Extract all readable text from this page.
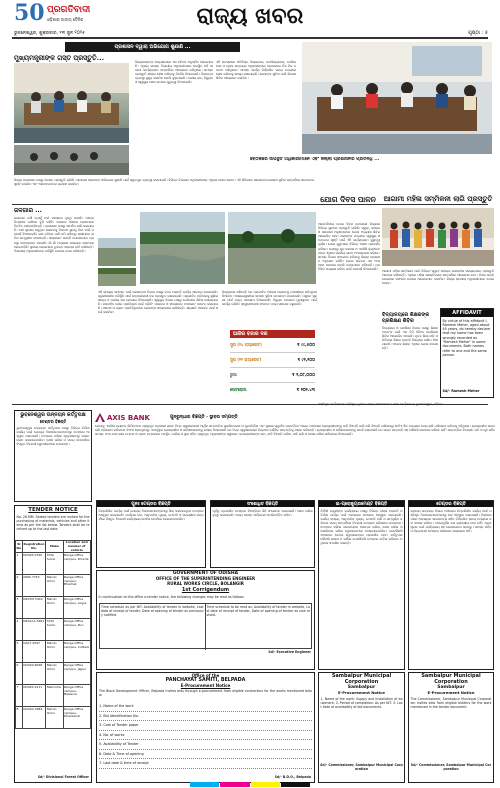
50 ପ୍ରଗତିବାଦୀ
ଓଡ଼ିଶାର ଜାତୀୟ ଦୈନିକ	ରାଜ୍ୟ ଖବର
ଭୁବନେଶ୍ୱର, ଶୁକ୍ରବାର, ୧୩ ଜୁନ ୨୦୨୫	ପୃଷ୍ଠା : ୫
ପ୍ରଶାସନ ଦ୍ୱାରା ଅଭିଯୋଗ ଶୁଣାଣି ...
ମୁଖ୍ୟମନ୍ତ୍ରୀଙ୍କ ଗସ୍ତ ପ୍ରସ୍ତୁତି...
ବୈଠକରେ ଉପସ୍ଥିତ ଅଧିକାରୀମାନେ ଏବଂ ଜିଲ୍ଲା ପ୍ରଶାସନର ପ୍ରତିନିଧି ...
ଜିଲ୍ଲାପାଳଙ୍କ ଅଧ୍ୟକ୍ଷତାରେ ଏକ ବୈଠକ ଅନୁଷ୍ଠିତ ହୋଇଯାଇଛି। ଏଥିରେ ସମସ୍ତ ବିଭାଗୀୟ ଅଧିକାରୀମାନେ ଉପସ୍ଥିତ ରହି ଆଗାମୀ କାର୍ଯ୍ୟକ୍ରମ ସମ୍ପର୍କରେ ଆଲୋଚନା କରିଥିଲେ। ସମସ୍ତ ପ୍ରସ୍ତୁତି ଶୀଘ୍ର ଶେଷ କରିବାକୁ ନିର୍ଦ୍ଦେଶ ଦିଆଯାଇଛି। ନିରାପତ୍ତା ବ୍ୟବସ୍ଥା ସୁଦୃଢ଼ କରାଯିବ ବୋଲି କୁହାଯାଇଛି। ପାନୀୟ ଜଳ, ବିଦ୍ୟୁତ ଓ ସ୍ୱାସ୍ଥ୍ୟ ସେବା ଉପରେ ଗୁରୁତ୍ୱ ଦିଆଯାଇଛି।
ଏହି ଅବସରରେ ଅତିରିକ୍ତ ଜିଲ୍ଲାପାଳ, ଉପଜିଲ୍ଲାପାଳ, ତହସିଲଦାର ଓ ବ୍ଲକ ଉନ୍ନୟନ ଅଧିକାରୀମାନେ ଯୋଗଦେଇ ନିଜ ନିଜ ମତାମତ ରଖିଥିଲେ। ସମସ୍ତ କାର୍ଯ୍ୟ ନିର୍ଦ୍ଧାରିତ ସମୟ ମଧ୍ୟରେ ଶେଷ କରିବାକୁ ଲକ୍ଷ୍ୟ ରଖାଯାଇଛି। ଲୋକଙ୍କ ସୁବିଧା ପାଇଁ ବିଶେଷ ଶିବିର ଆୟୋଜନ କରାଯିବ।
ଜିଲ୍ଲା ପ୍ରଶାସନ ପକ୍ଷରୁ ସମସ୍ତ ପ୍ରସ୍ତୁତି ଚାଲିଛି। ସାଧାରଣ ଲୋକଙ୍କ ଅଭିଯୋଗ ଶୁଣାଣି ପାଇଁ ସ୍ୱତନ୍ତ୍ର ବ୍ୟବସ୍ଥା କରାଯାଇଛି। ବିଭିନ୍ନ ବିଭାଗର ଅଧିକାରୀମାନେ ଏଥିରେ ଯୋଗ ଦେବେ। ଏହି ଶିବିରରେ ସରକାରୀ ଯୋଜନାର ସୁବିଧା ସମ୍ପର୍କରେ ସଚେତନତା ସୃଷ୍ଟି କରାଯିବ ଏବଂ ଆବେଦନପତ୍ର ଗ୍ରହଣ କରାଯିବ।
ଜଳଗାର ...
ଲଗାତାର ବର୍ଷା ଯୋଗୁଁ ନଦୀ ଜଳସ୍ତର ବୃଦ୍ଧି ପାଇଛି। ଅନେକ ନିମ୍ନାଞ୍ଚଳ ପାଣିରେ ବୁଡ଼ି ରହିଛି। ଜଳଗାର ଅଞ୍ଚଳର ଲୋକମାନେ ଚିନ୍ତିତ ହୋଇପଡ଼ିଛନ୍ତି। ପ୍ରଶାସନ ପକ୍ଷରୁ ସତର୍କତା ଜାରି କରାଯାଇଛି। ନଦୀ କୂଳରେ ରହୁଥିବା ଲୋକଙ୍କୁ ନିରାପଦ ସ୍ଥାନକୁ ଯିବା ପାଇଁ ପରାମର୍ଶ ଦିଆଯାଇଛି। ଚାଷ ଜମିରେ ପାଣି ଜମି ରହିବାରୁ ଚାଷୀମାନେ କ୍ଷତିର ସମ୍ମୁଖୀନ ହେଉଛନ୍ତି। ରାସ୍ତାଘାଟ ଭାଙ୍ଗି ଯୋଗାଯୋଗ ବ୍ୟବସ୍ଥା ବାଧାପ୍ରାପ୍ତ ହୋଇଛି। ଗାଁ ଗାଁ ମଧ୍ୟରେ ଯାତାୟାତ କଷ୍ଟକର ହୋଇପଡ଼ିଛି। ସ୍ଥାନୀୟ ଲୋକମାନେ ତୁରନ୍ତ ସହାୟତା ଦାବି କରିଛନ୍ତି। ବିଭାଗୀୟ ଅଧିକାରୀମାନେ ପରିସ୍ଥିତି ଉପରେ ନଜର ରଖିଛନ୍ତି।
ଏହି ସମସ୍ୟା ସମାଧାନ ପାଇଁ ଜଳସମ୍ପଦ ବିଭାଗ ପକ୍ଷରୁ ବନ୍ଧ ମରାମତି କାର୍ଯ୍ୟ ଆରମ୍ଭ କରାଯାଇଛି। ଜରୁରୀକାଳୀନ ପରିସ୍ଥିତି ପାଇଁ ଉଦ୍ଧାରକାରୀ ଦଳ ପ୍ରସ୍ତୁତ ରଖାଯାଇଛି। ପ୍ରଭାବିତ ପରିବାରକୁ ଶୁଖିଲା ଖାଦ୍ୟ ଓ ପାନୀୟ ଜଳ ଯୋଗାଇ ଦିଆଯାଉଛି। ସ୍ୱାସ୍ଥ୍ୟ ବିଭାଗ ପକ୍ଷରୁ ମେଡିକାଲ ଶିବିର ଖୋଲାଯାଇଛି। ଜଳବାହିତ ରୋଗ ପ୍ରତିରୋଧ ପାଇଁ ବ୍ଲିଚିଂ ପାଉଡର ଓ ହାଲୋଜେନ ଟାବଲେଟ ବଣ୍ଟନ କରାଯାଉଛି। ସରପଞ୍ଚ ଓ ଗ୍ରାମ ପ୍ରତିନିଧିମାନେ ଲୋକଙ୍କ ସହାୟତାରେ ଲାଗିଛନ୍ତି। କ୍ଷୟକ୍ଷତି ଆକଳନ ପାଇଁ ସର୍ଭେ କରାଯିବ।
ଜିଲ୍ଲାପାଳ କହିଛନ୍ତି ଯେ ପ୍ରଭାବିତ ଅଞ୍ଚଳର ଲୋକଙ୍କୁ ଯଥାଶୀଘ୍ର କ୍ଷତିପୂରଣ ଦିଆଯିବ। ଆଶ୍ରୟସ୍ଥଳୀରେ ସମସ୍ତ ସୁବିଧା ଉପଲବ୍ଧ କରାଯାଇଛି। ପଶୁଧନ ସୁରକ୍ଷା ପାଇଁ ମଧ୍ୟ ପଦକ୍ଷେପ ନିଆଯାଉଛି। ବିଦ୍ୟୁତ ଯୋଗାଣ ପୁନଃସ୍ଥାପନ ପାଇଁ କାର୍ଯ୍ୟ ଚାଲିଛି। ସ୍ୱେଚ୍ଛାସେବୀ ସଂଗଠନ ମଧ୍ୟ ସହାୟତା କରୁଛନ୍ତି।
ଆଜିର ବଜାର ଦର
ସୁନା (୨୪ କ୍ୟାରେଟ)	₹ ୯୯,୫୦୦
ସୁନା (୨୨ କ୍ୟାରେଟ)	₹ ୯୧,୨୦୦
ରୁପା	₹ ୧,୦୮,୦୦୦
ପେଟ୍ରୋଲ	₹ ୧୦୧.୪୩
ଯୋଗ ଦିବସ ପାଳନ
ଆନ୍ତର୍ଜାତୀୟ ଯୋଗ ଦିବସ ଉପଲକ୍ଷେ ଜିଲ୍ଲାର ବିଭିନ୍ନ ସ୍ଥାନରେ ପ୍ରସ୍ତୁତି ଚାଲିଛି। ସ୍କୁଲ, କଲେଜ ଓ ସରକାରୀ ଅନୁଷ୍ଠାନରେ ଯୋଗ ଅଭ୍ୟାସ ଶିବିର ଆୟୋଜିତ ହେବ। ଲୋକଙ୍କ ମଧ୍ୟରେ ସ୍ୱାସ୍ଥ୍ୟ ସଚେତନତା ସୃଷ୍ଟି ପାଇଁ ଏହି କାର୍ଯ୍ୟକ୍ରମ ଗୁରୁତ୍ୱପୂର୍ଣ୍ଣ। ଯୋଗ ଗୁରୁମାନେ ବିଭିନ୍ନ ଆସନ ପ୍ରଦର୍ଶନ କରିବେ। ନେହେରୁ ଯୁବ କେନ୍ଦ୍ର ଓ ଏନସିସି କ୍ୟାଡେଟମାନେ ଏଥିରେ ସକ୍ରିୟ ଭାବେ ଅଂଶଗ୍ରହଣ କରିବେ। ସମସ୍ତ ବିଭାଗ ସହଯୋଗ କରିବାକୁ ଜିଲ୍ଲା ପ୍ରଶାସନ ଅନୁରୋଧ କରିଛି। ଯୋଗ ଜୀବନର ଏକ ଅଂଶ ହେବା ଦରକାର ବୋଲି ବକ୍ତାମାନେ କହିଛନ୍ତି। ପ୍ରତିଦିନ ଅଭ୍ୟାସ କରିବା ପାଇଁ ପରାମର୍ଶ ଦିଆଯାଇଛି।
ଆଗାମୀ ମହିଳା ସମ୍ମିଳନୀ ଲାଗି ପ୍ରସ୍ତୁତି
ଆଗାମୀ ମହିଳା ସମ୍ମିଳନୀ ପାଇଁ ବିଭିନ୍ନ ସ୍ୱୟଂ ସହାୟକ ଗୋଷ୍ଠୀର ସଦସ୍ୟମାନେ ପ୍ରସ୍ତୁତି ଆରମ୍ଭ କରିଛନ୍ତି। ଏଥିରେ ମହିଳା ସଶକ୍ତିକରଣ ସମ୍ପର୍କରେ ଆଲୋଚନା ହେବ। ମିଶନ ଶକ୍ତି ଯୋଜନାର ସଫଳତା ଉପରେ ଆଲୋକପାତ କରାଯିବ। ଜିଲ୍ଲା ସ୍ତରୀୟ ଅଧିକାରୀମାନେ ଯୋଗ ଦେବେ।
AFFIDAVIT
By virtue of this affidavit I, Ramesh Meher, aged about 45 years, do hereby declare that my name has been wrongly recorded as "Ramesh Mehar" in some documents. Both names refer to one and the same person.
Sd/- Ramesh Meher
ବିଦ୍ୟାଳୟରେ ଶିକ୍ଷକଙ୍କ ପ୍ରଶିକ୍ଷଣ ଶିବିର
ବିଦ୍ୟାଳୟ ଓ ଗଣଶିକ୍ଷା ବିଭାଗ ପକ୍ଷରୁ ଶିକ୍ଷକମାନଙ୍କ ପାଇଁ ଏକ ତିନି ଦିନିଆ ପ୍ରଶିକ୍ଷଣ ଶିବିର ଆୟୋଜିତ ହୋଇଛି। ନୂତନ ଶିକ୍ଷା ନୀତି ଓ ଡିଜିଟାଲ ଶିକ୍ଷଣ ପଦ୍ଧତି ବିଷୟରେ ତାଲିମ ଦିଆଯାଉଛି। ଅନେକ ଶିକ୍ଷକ ଏଥିରେ ଯୋଗ ଦେଇଛନ୍ତି।
ପଞ୍ଜିକୃତ କାର୍ଯ୍ୟାଳୟ: ତ୍ରିଶୂଳ, ତୃତୀୟ ମହଲା, ଅହମଦାବାଦ। ଶାଖା କାର୍ଯ୍ୟାଳୟ: ଭୁବନେଶ୍ୱର, ଓଡ଼ିଶା।
AXIS BANK	ପୁନରୁଦ୍ଧାର ବିଜ୍ଞପ୍ତି - ସ୍ଥାବର ସମ୍ପତ୍ତି
ଯେହେତୁ ଏକ୍ସିସ ବ୍ୟାଙ୍କ ଲିମିଟେଡର ପ୍ରାଧିକୃତ ଅଧିକାରୀ ଭାବେ ନିମ୍ନ ସ୍ୱାକ୍ଷରକାରୀ ଆର୍ଥିକ ସମ୍ପତ୍ତିର ସୁରକ୍ଷିତକରଣ ଓ ପୁନଃନିର୍ମାଣ ଏବଂ ସୁରକ୍ଷା ସ୍ୱାର୍ଥର ପ୍ରବର୍ତ୍ତନ ଆଇନ ଅଧୀନରେ ଋଣଗ୍ରହୀତାଙ୍କୁ ଦାବି ବିଜ୍ଞପ୍ତି ଜାରି କରି ବିଜ୍ଞପ୍ତି ତାରିଖଠାରୁ ଷାଠିଏ ଦିନ ମଧ୍ୟରେ ଦେୟ ରାଶି ପରିଶୋଧ କରିବାକୁ କହିଥିଲେ। ଋଣଗ୍ରହୀତା ଉକ୍ତ ରାଶି ପରିଶୋଧ କରିବାରେ ବିଫଳ ହୋଇଥିବାରୁ ଏତଦ୍ୱାରା ଋଣଗ୍ରହୀତା ଓ ସର୍ବସାଧାରଣଙ୍କୁ ଜଣାଇ ଦିଆଯାଉଛି ଯେ ନିମ୍ନ ସ୍ୱାକ୍ଷରକାରୀ ନିମ୍ନରେ ବର୍ଣ୍ଣିତ ସମ୍ପତ୍ତିକୁ ଦଖଲ କରିଛନ୍ତି। ଋଣଗ୍ରହୀତା ଓ ସର୍ବସାଧାରଣଙ୍କୁ ସତର୍କ କରାଯାଉଛି ଯେ ଉକ୍ତ ସମ୍ପତ୍ତି ସହ କୌଣସି କାରବାର କରିବେ ନାହିଁ। ସମ୍ପତ୍ତିର ବିବରଣୀ: ଜମି ଓ ଗୃହ ସହିତ ସମସ୍ତ ଅଂଶ ଯାହା ଖାତା ନମ୍ବର ଓ ପ୍ଲଟ ନମ୍ବରରେ ଅବସ୍ଥିତ। ତାରିଖ ଓ ସ୍ଥାନ ସହିତ ପ୍ରାଧିକୃତ ଅଧିକାରୀଙ୍କ ସ୍ୱାକ୍ଷର। ଋଣଗ୍ରହୀତାଙ୍କ ନାମ, ଦାବି ବିଜ୍ଞପ୍ତି ତାରିଖ, ଦାବି ରାଶି ଓ ଦଖଲ ତାରିଖ ତାଲିକାରେ ଦିଆଯାଇଛି।
ଭୁବନେଶ୍ୱର ଉନ୍ନୟନ କର୍ତ୍ତୃପକ୍ଷ
ଟେଣ୍ଡର ବିଜ୍ଞପ୍ତି
ଭୁବନେଶ୍ୱର ଉନ୍ନୟନ କର୍ତ୍ତୃପକ୍ଷ ପକ୍ଷରୁ ବିଭିନ୍ନ ନିର୍ମାଣ କାର୍ଯ୍ୟ ପାଇଁ ଯୋଗ୍ୟ ଠିକାଦାରମାନଙ୍କଠାରୁ ଟେଣ୍ଡର ଆହ୍ୱାନ କରାଯାଉଛି। ଟେଣ୍ଡର ଦଲିଲ ୱେବସାଇଟରୁ ଡାଉନଲୋଡ କରାଯାଇପାରିବ। ଶେଷ ତାରିଖ ଓ ସମୟ ସମ୍ପର୍କରେ ବିସ୍ତୃତ ବିବରଣୀ ୱେବସାଇଟରେ ଉପଲବ୍ଧ।
ପୁନଃ ଟେଣ୍ଡର ବିଜ୍ଞପ୍ତି
ନିମ୍ନଲିଖିତ କାର୍ଯ୍ୟ ପାଇଁ ଯୋଗ୍ୟ ଠିକାଦାରମାନଙ୍କଠାରୁ ସିଲ୍ କରାଯାଇଥିବା ଟେଣ୍ଡର ଆହ୍ୱାନ କରାଯାଉଛି। କାର୍ଯ୍ୟର ନାମ, ଆନୁମାନିକ ମୂଲ୍ୟ, ଇଏମଡି ଓ ସମୟସୀମା ସମ୍ପର୍କରେ ବିସ୍ତୃତ ବିବରଣୀ କାର୍ଯ୍ୟାଳୟ ନୋଟିସ ବୋର୍ଡରେ ଦେଖାଯାଇପାରିବ।
ସଂଶୋଧିତ ବିଜ୍ଞପ୍ତି
ପୂର୍ବରୁ ପ୍ରକାଶିତ ଟେଣ୍ଡର ବିଜ୍ଞପ୍ତିରେ କିଛି ସଂଶୋଧନ କରାଯାଇଛି। ଶେଷ ତାରିଖ ବୃଦ୍ଧି କରାଯାଇଛି। ଅନ୍ୟ ସମସ୍ତ ସର୍ତ୍ତାବଳୀ ଅପରିବର୍ତ୍ତିତ ରହିବ।
TENDER NOTICE
No. 26-MM. Sealed tenders are invited for the purchasing of materials, vehicles and other items as per the list below. Tenders shall be received up to the last date.
Sl No	Registration No.	Make	Location and number of vehicle
1	OD02S 0760	TATA Sumo	Range Office campus, Khurda
2	AP6K 7743	Maruti Omni	Range Office campus, Bhadrak
3	OR07M 5440	Maruti Omni	Range Office campus, Angul
4	OR01AA 5961	TATA Sumo	Range Office campus, Puri
5	OA07 4597	Maruti Omni	Range Office campus, Cuttack
6	OD029 6068	Maruti Omni	Range Office campus, Jajpur
7	OD02S 2211	Mahindra	Range Office campus, Balasore
8	OD02A 0984	Maruti Omni	Range Office campus, Dhenkanal
Sd/- Divisional Forest Officer
GOVERNMENT OF ODISHA
OFFICE OF THE SUPERINTENDING ENGINEER
RURAL WORKS CIRCLE, BOLANGIR
1st Corrigendum
In continuation to this office e-tender notice, the following changes may be read as follows.
Time schedule as per NIT: Availability of tender in website, Last date of receipt of tender, Date of opening of tender as previously notified.
Time schedule to be read as: Availability of tender in website, Last date of receipt of tender, Date of opening of tender as now revised.
Sd/- Executive Engineer
Office of the
PANCHAYAT SAMITI, BELPADA
E-Procurement Notice
The Block Development Officer, Belpada invites bids through e-procurement from eligible contractors for the works mentioned below.
1. Name of the work
2. Bid identification No.
3. Cost of Tender paper
4. No. of works
5. Availability of Tender
6. Date & Time of opening
7. Last date & time of receipt
Sd/- B.D.O., Belpada
Sambalpur Municipal Corporation
Sambalpur
E-Procurement Notice
1. Name of the work: Supply and installation of equipment. 2. Period of completion: As per NIT. 3. Last date of availability of bid documents.
Sd/- Commissioner, Sambalpur Municipal Corporation
Sambalpur Municipal Corporation
Sambalpur
E-Procurement Notice
The Commissioner, Sambalpur Municipal Corporation invites bids from eligible bidders for the work mentioned in the tender document.
Sd/- Commissioner, Sambalpur Municipal Corporation
ଇ-ପ୍ରୋକ୍ୟୁରମେଣ୍ଟ ବିଜ୍ଞପ୍ତି
ନିର୍ବାହୀ ଯନ୍ତ୍ରୀଙ୍କ କାର୍ଯ୍ୟାଳୟ ପକ୍ଷରୁ ବିଭିନ୍ନ ରାସ୍ତା ମରାମତି ଓ ନିର୍ମାଣ କାର୍ଯ୍ୟ ପାଇଁ ଅନଲାଇନ ଟେଣ୍ଡର ଆହ୍ୱାନ କରାଯାଉଛି। କାର୍ଯ୍ୟ ସଂଖ୍ୟା, ଆନୁମାନିକ ମୂଲ୍ୟ, ଇଏମଡି ରାଶି ଓ ସମ୍ପୂର୍ଣ୍ଣ କରିବାର ସମୟ ସମ୍ପର୍କରେ ବିବରଣୀ ଟେଣ୍ଡର ଦଲିଲରେ ଉପଲବ୍ଧ। ଟେଣ୍ଡର ଦଲିଲ ଡାଉନଲୋଡ ଆରମ୍ଭ ତାରିଖ, ଶେଷ ତାରିଖ ଓ ଖୋଲିବାର ତାରିଖ ୱେବସାଇଟରେ ଦେଖାଯାଇପାରିବ। ଯେକୌଣସି ସଂଶୋଧନ କେବଳ ୱେବସାଇଟରେ ପ୍ରକାଶିତ ହେବ। କର୍ତ୍ତୃପକ୍ଷ କୌଣସି କାରଣ ନ ଦର୍ଶାଇ ଯେକୌଣସି ଟେଣ୍ଡର ବାତିଲ କରିବାର ଅଧିକାର ସଂରକ୍ଷିତ ରଖନ୍ତି।
ଟେଣ୍ଡର ବିଜ୍ଞପ୍ତି
ଗ୍ରାମ୍ୟ ଉନ୍ନୟନ ବିଭାଗ ଅଧୀନରେ ନିମ୍ନଲିଖିତ କାର୍ଯ୍ୟ ପାଇଁ ପଞ୍ଜିକୃତ ଠିକାଦାରମାନଙ୍କଠାରୁ ଦର ଆହ୍ୱାନ କରାଯାଉଛି। ଠିକାଦାରମାନେ ଆବଶ୍ୟକ କାଗଜପତ୍ର ସହିତ ନିର୍ଦ୍ଧାରିତ ସମୟ ମଧ୍ୟରେ ଦର ଦାଖଲ କରିବେ। ଅସମ୍ପୂର୍ଣ୍ଣ ଦର ଗ୍ରହଣୀୟ ହେବ ନାହିଁ। ଅଧିକ ସୂଚନା ପାଇଁ କାର୍ଯ୍ୟାଳୟ ସହ ଯୋଗାଯୋଗ କରନ୍ତୁ। ସମସ୍ତ ସର୍ତ୍ତ ଓ ନିୟମାବଳୀ ଟେଣ୍ଡର ଦଲିଲରେ ଉଲ୍ଲେଖ ଅଛି।
